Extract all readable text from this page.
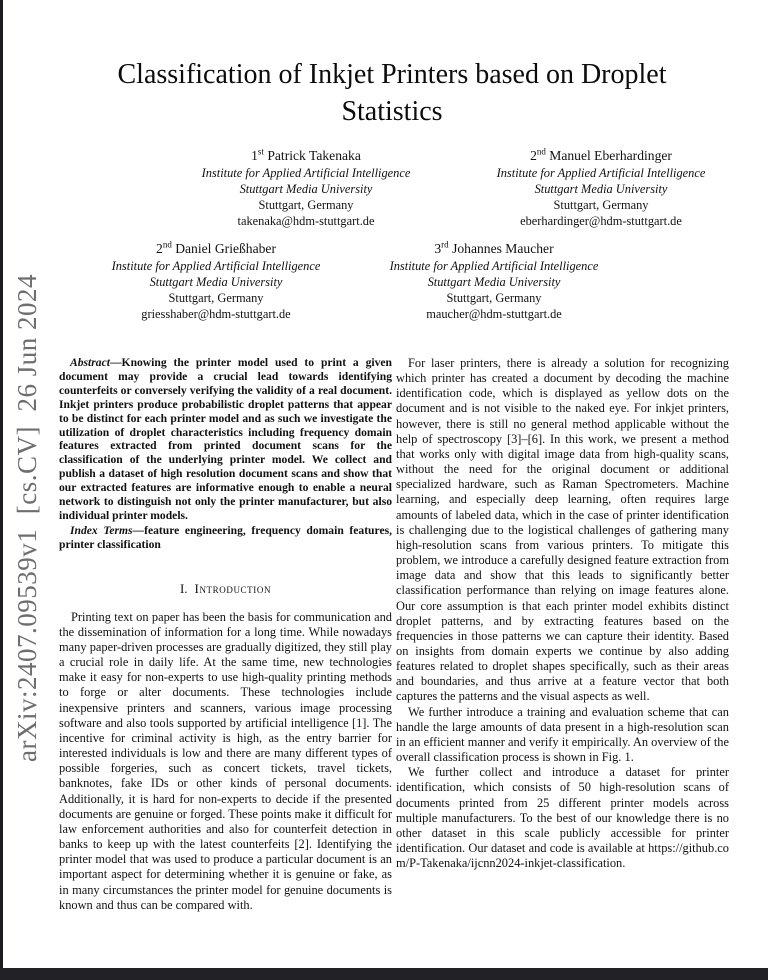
arXiv:2407.09539v1  [cs.CV]  26 Jun 2024
Classification of Inkjet Printers based on Droplet Statistics
1st Patrick Takenaka
Institute for Applied Artificial Intelligence
Stuttgart Media University
Stuttgart, Germany
takenaka@hdm-stuttgart.de
2nd Manuel Eberhardinger
Institute for Applied Artificial Intelligence
Stuttgart Media University
Stuttgart, Germany
eberhardinger@hdm-stuttgart.de
2nd Daniel Grießhaber
Institute for Applied Artificial Intelligence
Stuttgart Media University
Stuttgart, Germany
griesshaber@hdm-stuttgart.de
3rd Johannes Maucher
Institute for Applied Artificial Intelligence
Stuttgart Media University
Stuttgart, Germany
maucher@hdm-stuttgart.de

Abstract—Knowing the printer model used to print a given document may provide a crucial lead towards identifying counterfeits or conversely verifying the validity of a real document. Inkjet printers produce probabilistic droplet patterns that appear to be distinct for each printer model and as such we investigate the utilization of droplet characteristics including frequency domain features extracted from printed document scans for the classification of the underlying printer model. We collect and publish a dataset of high resolution document scans and show that our extracted features are informative enough to enable a neural network to distinguish not only the printer manufacturer, but also individual printer models.

Index Terms—feature engineering, frequency domain features, printer classification

I. Introduction

Printing text on paper has been the basis for communication and the dissemination of information for a long time. While nowadays many paper-driven processes are gradually digitized, they still play a crucial role in daily life. At the same time, new technologies make it easy for non-experts to use high-quality printing methods to forge or alter documents. These technologies include inexpensive printers and scanners, various image processing software and also tools supported by artificial intelligence [1]. The incentive for criminal activity is high, as the entry barrier for interested individuals is low and there are many different types of possible forgeries, such as concert tickets, travel tickets, banknotes, fake IDs or other kinds of personal documents. Additionally, it is hard for non-experts to decide if the presented documents are genuine or forged. These points make it difficult for law enforcement authorities and also for counterfeit detection in banks to keep up with the latest counterfeits [2]. Identifying the printer model that was used to produce a particular document is an important aspect for determining whether it is genuine or fake, as in many circumstances the printer model for genuine documents is known and thus can be compared with.

For laser printers, there is already a solution for recognizing which printer has created a document by decoding the machine identification code, which is displayed as yellow dots on the document and is not visible to the naked eye. For inkjet printers, however, there is still no general method applicable without the help of spectroscopy [3]–[6]. In this work, we present a method that works only with digital image data from high-quality scans, without the need for the original document or additional specialized hardware, such as Raman Spectrometers. Machine learning, and especially deep learning, often requires large amounts of labeled data, which in the case of printer identification is challenging due to the logistical challenges of gathering many high-resolution scans from various printers. To mitigate this problem, we introduce a carefully designed feature extraction from image data and show that this leads to significantly better classification performance than relying on image features alone. Our core assumption is that each printer model exhibits distinct droplet patterns, and by extracting features based on the frequencies in those patterns we can capture their identity. Based on insights from domain experts we continue by also adding features related to droplet shapes specifically, such as their areas and boundaries, and thus arrive at a feature vector that both captures the patterns and the visual aspects as well.

We further introduce a training and evaluation scheme that can handle the large amounts of data present in a high-resolution scan in an efficient manner and verify it empirically. An overview of the overall classification process is shown in Fig. 1.

We further collect and introduce a dataset for printer identification, which consists of 50 high-resolution scans of documents printed from 25 different printer models across multiple manufacturers. To the best of our knowledge there is no other dataset in this scale publicly accessible for printer identification. Our dataset and code is available at https://github.com/P-Takenaka/ijcnn2024-inkjet-classification.
